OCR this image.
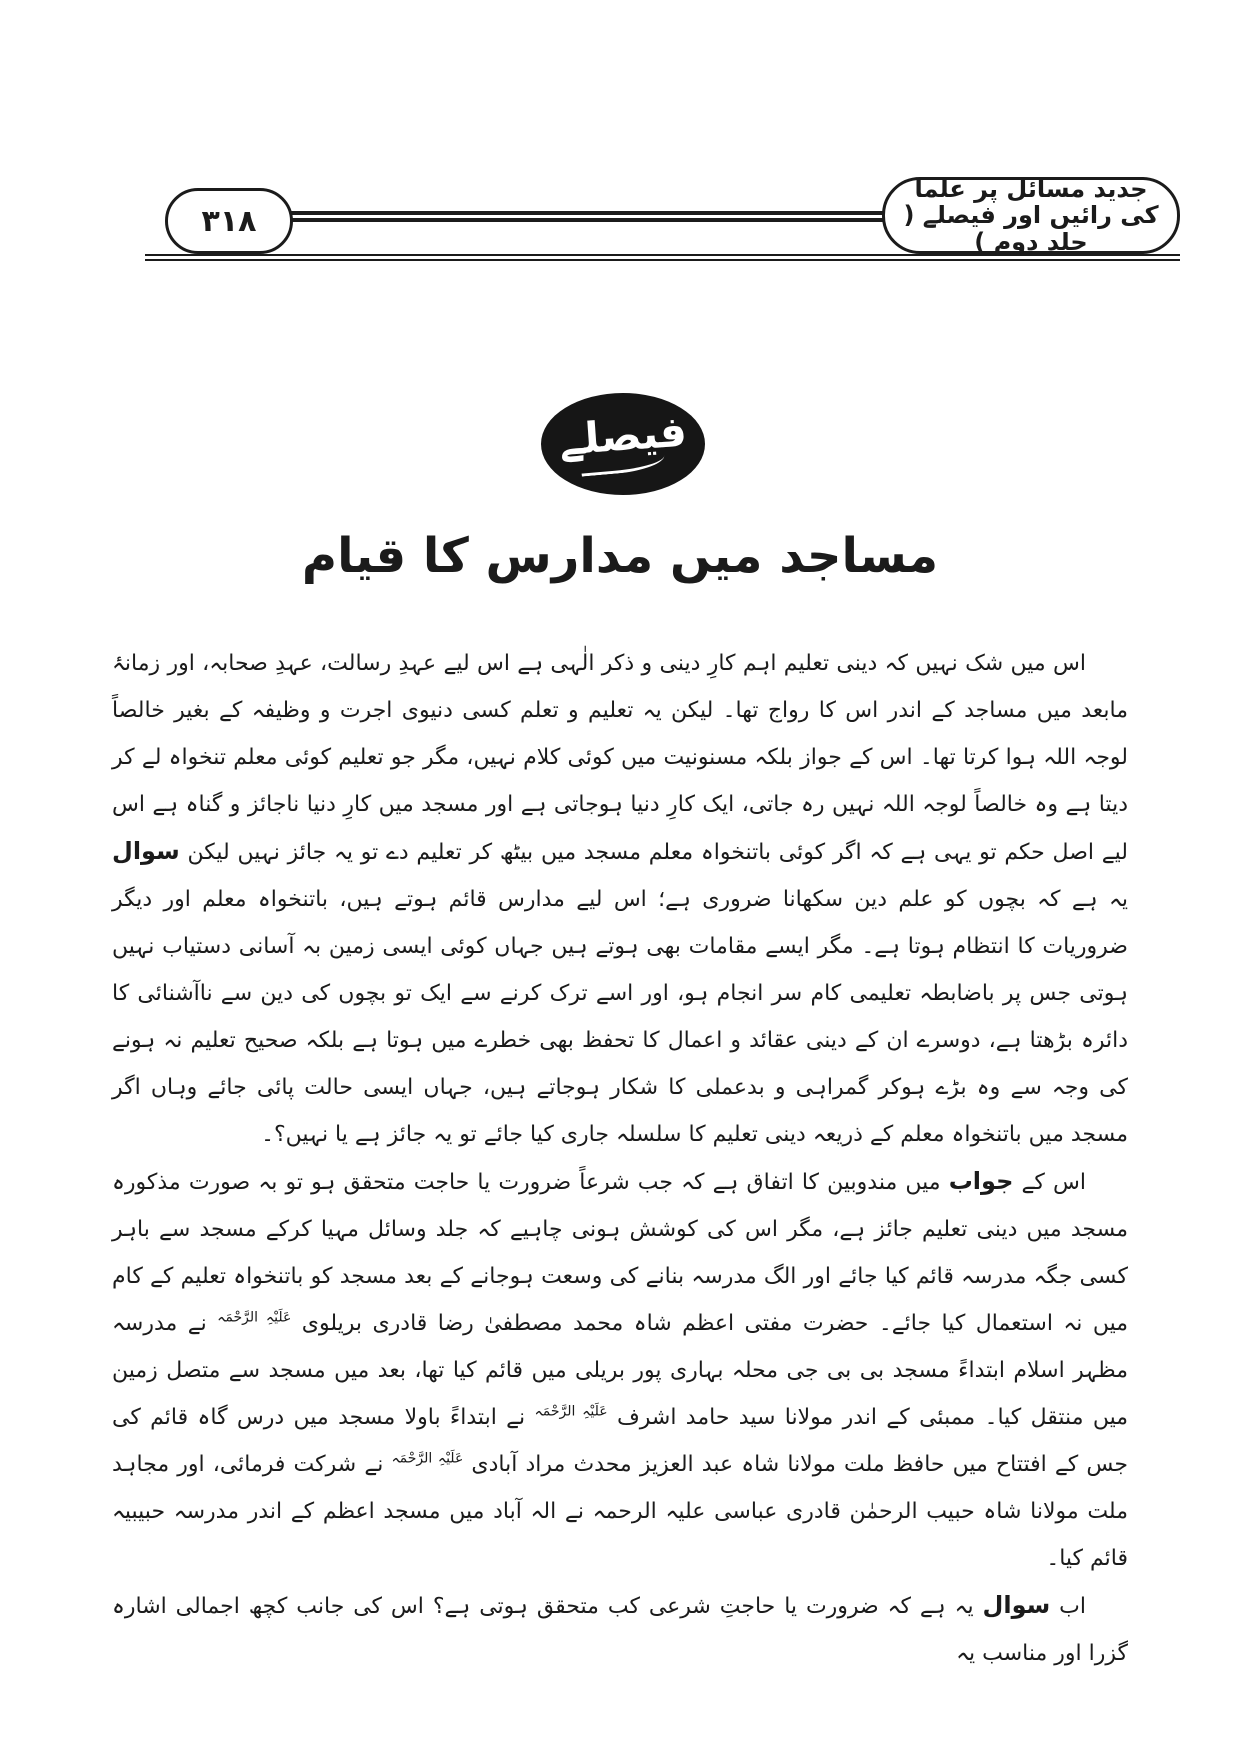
۳۱۸
جدید مسائل پر علما کی رائیں اور فیصلے ( جلد دوم )
فیصلے
مساجد میں مدارس کا قیام

اس میں شک نہیں کہ دینی تعلیم اہم کارِ دینی و ذکر الٰہی ہے اس لیے عہدِ رسالت، عہدِ صحابہ، اور زمانۂ مابعد میں مساجد کے اندر اس کا رواج تھا۔ لیکن یہ تعلیم و تعلم کسی دنیوی اجرت و وظیفہ کے بغیر خالصاً لوجہ اللہ ہوا کرتا تھا۔ اس کے جواز بلکہ مسنونیت میں کوئی کلام نہیں، مگر جو تعلیم کوئی معلم تنخواہ لے کر دیتا ہے وہ خالصاً لوجہ اللہ نہیں رہ جاتی، ایک کارِ دنیا ہوجاتی ہے اور مسجد میں کارِ دنیا ناجائز و گناہ ہے اس لیے اصل حکم تو یہی ہے کہ اگر کوئی باتنخواہ معلم مسجد میں بیٹھ کر تعلیم دے تو یہ جائز نہیں لیکن سوال یہ ہے کہ بچوں کو علم دین سکھانا ضروری ہے؛ اس لیے مدارس قائم ہوتے ہیں، باتنخواہ معلم اور دیگر ضروریات کا انتظام ہوتا ہے۔ مگر ایسے مقامات بھی ہوتے ہیں جہاں کوئی ایسی زمین بہ آسانی دستیاب نہیں ہوتی جس پر باضابطہ تعلیمی کام سر انجام ہو، اور اسے ترک کرنے سے ایک تو بچوں کی دین سے ناآشنائی کا دائرہ بڑھتا ہے، دوسرے ان کے دینی عقائد و اعمال کا تحفظ بھی خطرے میں ہوتا ہے بلکہ صحیح تعلیم نہ ہونے کی وجہ سے وہ بڑے ہوکر گمراہی و بدعملی کا شکار ہوجاتے ہیں، جہاں ایسی حالت پائی جائے وہاں اگر مسجد میں باتنخواہ معلم کے ذریعہ دینی تعلیم کا سلسلہ جاری کیا جائے تو یہ جائز ہے یا نہیں؟۔

اس کے جواب میں مندوبین کا اتفاق ہے کہ جب شرعاً ضرورت یا حاجت متحقق ہو تو بہ صورت مذکورہ مسجد میں دینی تعلیم جائز ہے، مگر اس کی کوشش ہونی چاہیے کہ جلد وسائل مہیا کرکے مسجد سے باہر کسی جگہ مدرسہ قائم کیا جائے اور الگ مدرسہ بنانے کی وسعت ہوجانے کے بعد مسجد کو باتنخواہ تعلیم کے کام میں نہ استعمال کیا جائے۔ حضرت مفتی اعظم شاہ محمد مصطفیٰ رضا قادری بریلوی $^{عَلَیْہِ الرَّحْمَہ}$ نے مدرسہ مظہر اسلام ابتداءً مسجد بی بی جی محلہ بہاری پور بریلی میں قائم کیا تھا، بعد میں مسجد سے متصل زمین میں منتقل کیا۔ ممبئی کے اندر مولانا سید حامد اشرف $^{عَلَیْہِ الرَّحْمَہ}$ نے ابتداءً باولا مسجد میں درس گاہ قائم کی جس کے افتتاح میں حافظ ملت مولانا شاہ عبد العزیز محدث مراد آبادی $^{عَلَیْہِ الرَّحْمَہ}$ نے شرکت فرمائی، اور مجاہد ملت مولانا شاہ حبیب الرحمٰن قادری عباسی علیہ الرحمہ نے الہ آباد میں مسجد اعظم کے اندر مدرسہ حبیبیہ قائم کیا۔

اب سوال یہ ہے کہ ضرورت یا حاجتِ شرعی کب متحقق ہوتی ہے؟ اس کی جانب کچھ اجمالی اشارہ گزرا اور مناسب یہ
